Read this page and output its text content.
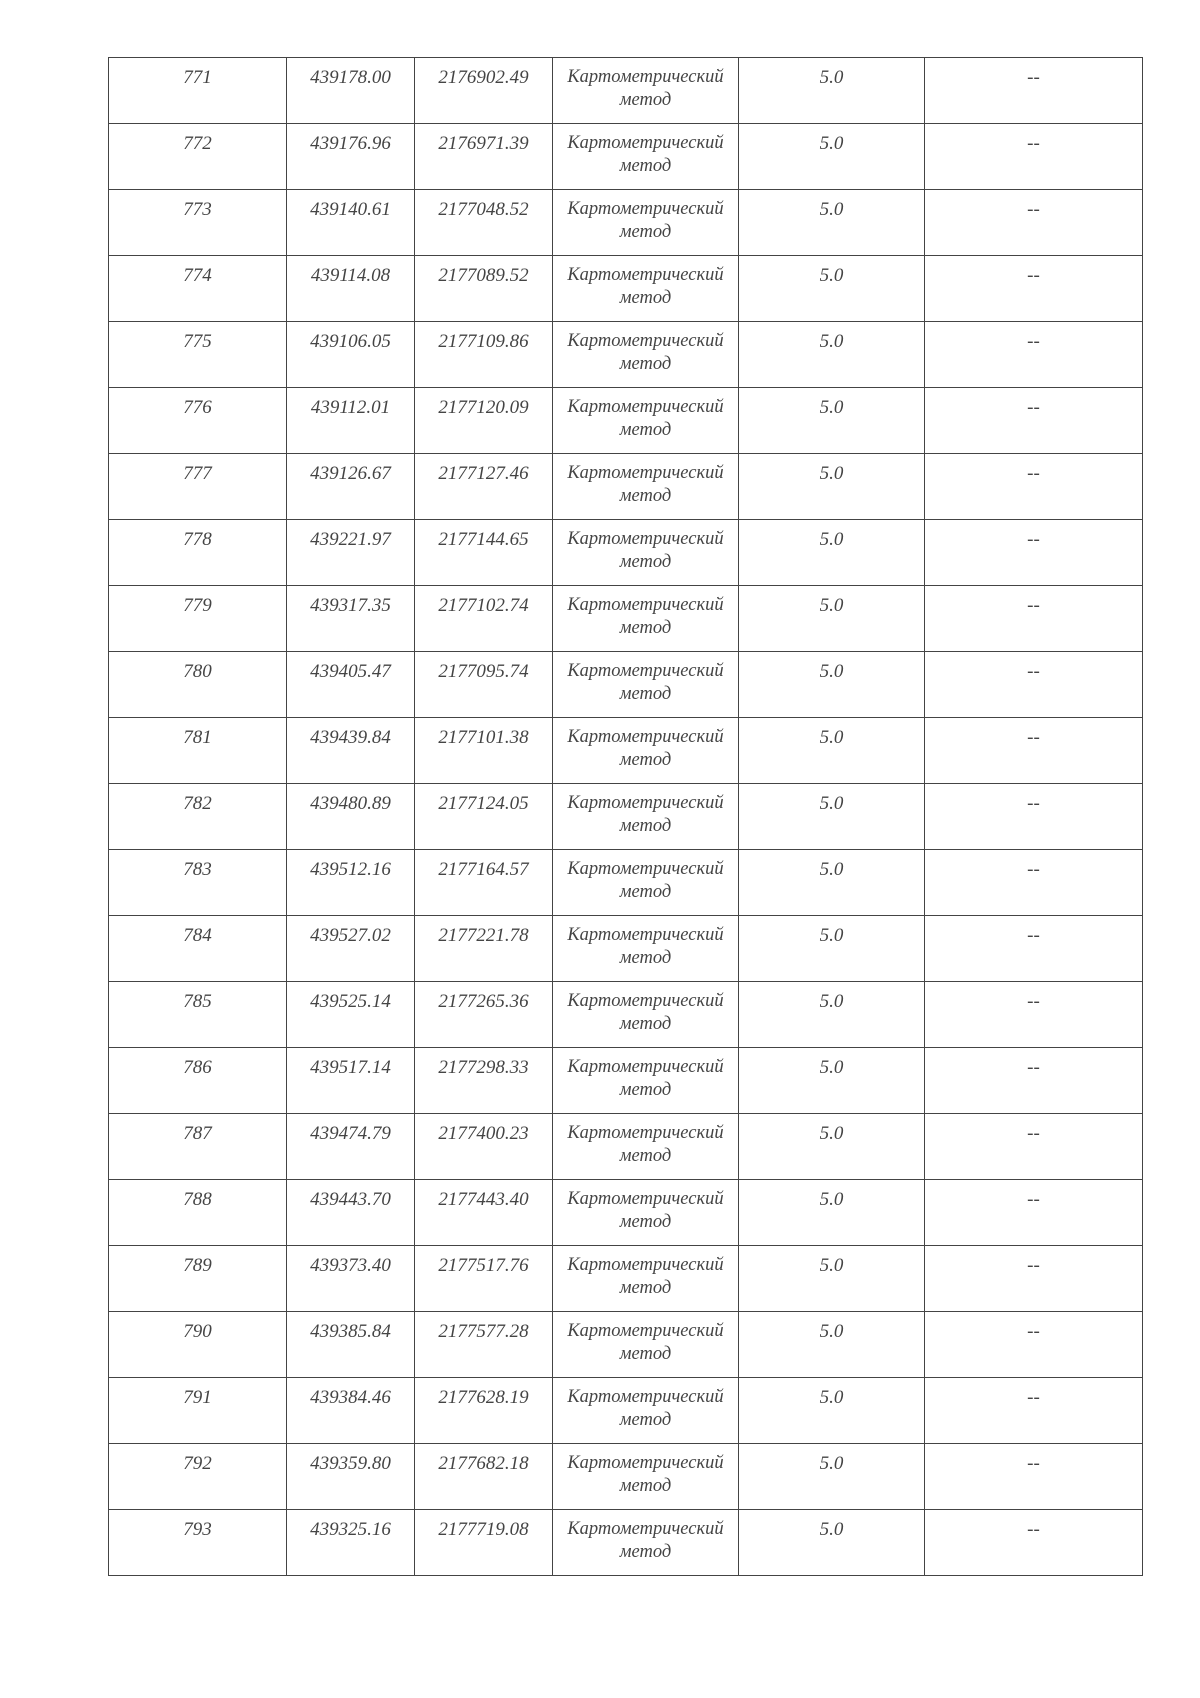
771	439178.00	2176902.49	Картометрический метод	5.0	--
772	439176.96	2176971.39	Картометрический метод	5.0	--
773	439140.61	2177048.52	Картометрический метод	5.0	--
774	439114.08	2177089.52	Картометрический метод	5.0	--
775	439106.05	2177109.86	Картометрический метод	5.0	--
776	439112.01	2177120.09	Картометрический метод	5.0	--
777	439126.67	2177127.46	Картометрический метод	5.0	--
778	439221.97	2177144.65	Картометрический метод	5.0	--
779	439317.35	2177102.74	Картометрический метод	5.0	--
780	439405.47	2177095.74	Картометрический метод	5.0	--
781	439439.84	2177101.38	Картометрический метод	5.0	--
782	439480.89	2177124.05	Картометрический метод	5.0	--
783	439512.16	2177164.57	Картометрический метод	5.0	--
784	439527.02	2177221.78	Картометрический метод	5.0	--
785	439525.14	2177265.36	Картометрический метод	5.0	--
786	439517.14	2177298.33	Картометрический метод	5.0	--
787	439474.79	2177400.23	Картометрический метод	5.0	--
788	439443.70	2177443.40	Картометрический метод	5.0	--
789	439373.40	2177517.76	Картометрический метод	5.0	--
790	439385.84	2177577.28	Картометрический метод	5.0	--
791	439384.46	2177628.19	Картометрический метод	5.0	--
792	439359.80	2177682.18	Картометрический метод	5.0	--
793	439325.16	2177719.08	Картометрический метод	5.0	--
